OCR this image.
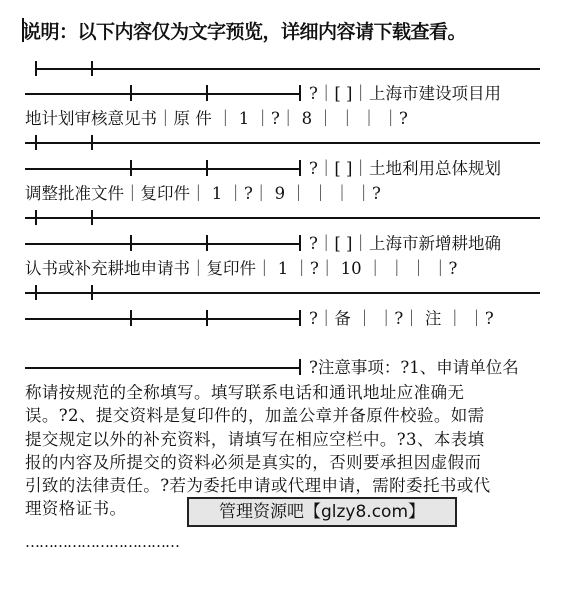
说明：以下内容仅为文字预览，详细内容请下载查看。
?｜[ ]｜上海市建设项目用
地计划审核意见书｜原 件 ｜ 1 ｜?｜ 8 ｜ ｜ ｜ ｜?
?｜[ ]｜土地利用总体规划
调整批准文件｜复印件｜ 1 ｜?｜ 9 ｜ ｜ ｜ ｜?
?｜[ ]｜上海市新增耕地确
认书或补充耕地申请书｜复印件｜ 1 ｜?｜ 10 ｜ ｜ ｜ ｜?
?｜备 ｜ ｜?｜ 注 ｜ ｜?
?注意事项：?1、申请单位名

称请按规范的全称填写。填写联系电话和通讯地址应准确无

误。?2、提交资料是复印件的，加盖公章并备原件校验。如需

提交规定以外的补充资料，请填写在相应空栏中。?3、本表填

报的内容及所提交的资料必须是真实的，否则要承担因虚假而

引致的法律责任。?若为委托申请或代理申请，需附委托书或代

理资格证书。	管理资源吧【glzy8.com】
……………………………
